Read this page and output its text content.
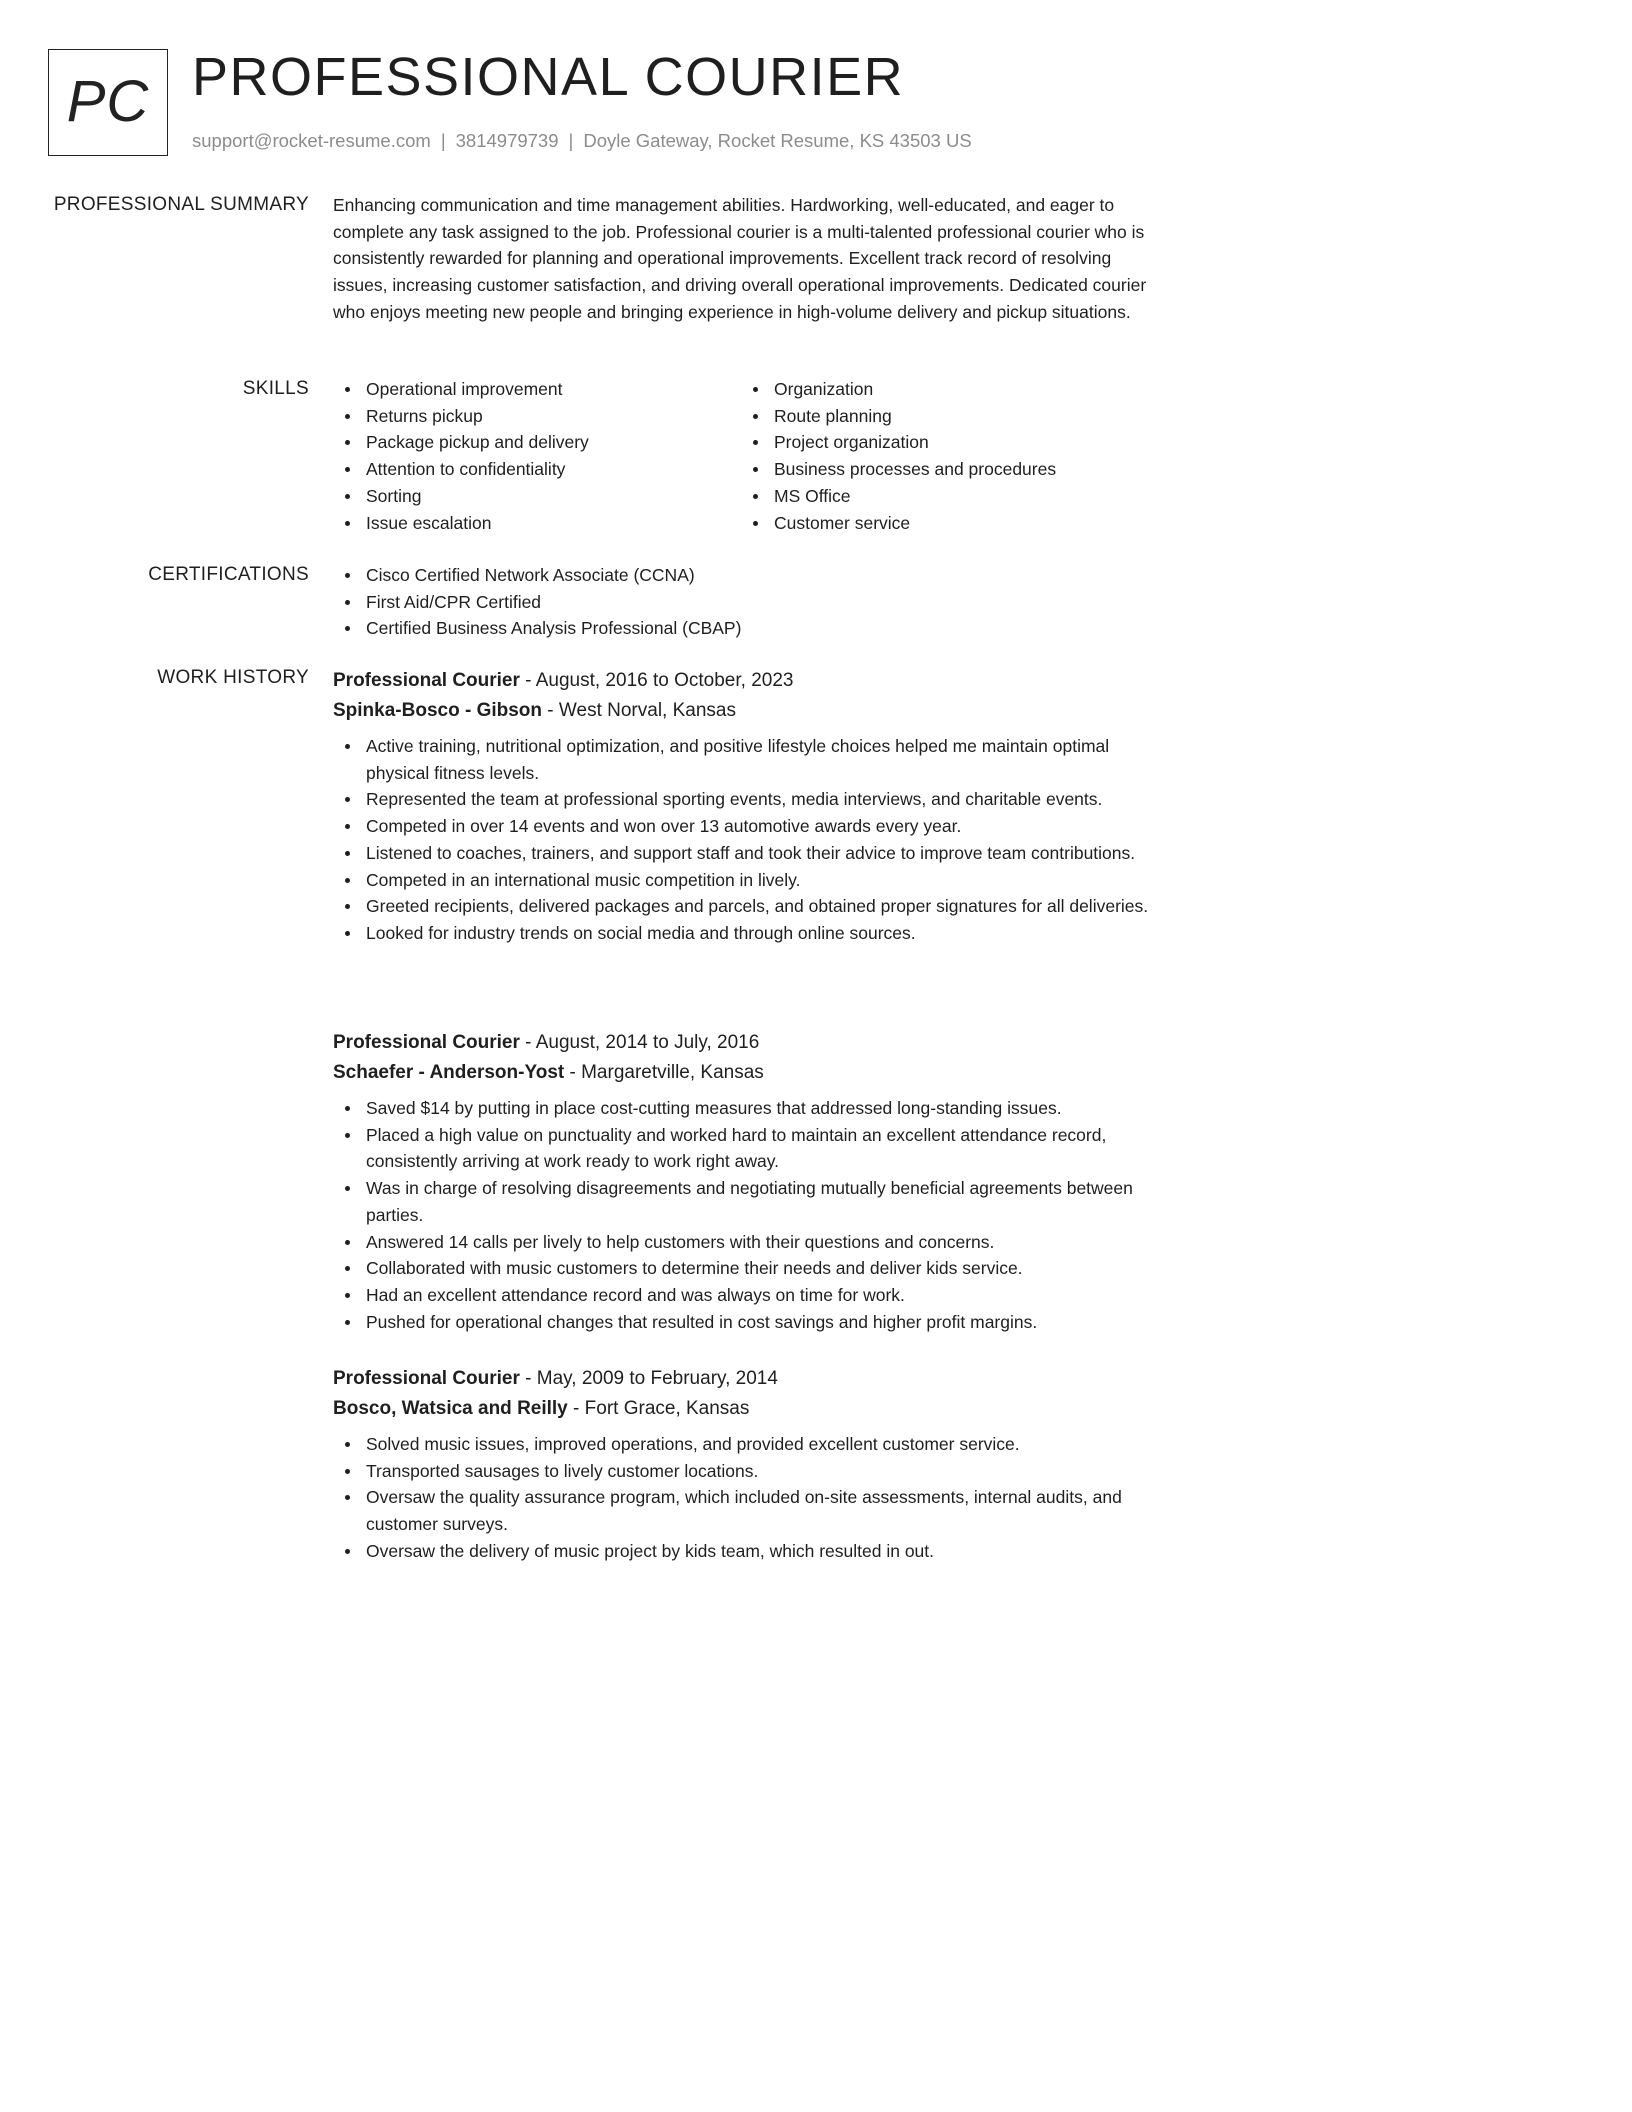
PC PROFESSIONAL COURIER
support@rocket-resume.com | 3814979739 | Doyle Gateway, Rocket Resume, KS 43503 US
PROFESSIONAL SUMMARY Enhancing communication and time management abilities. Hardworking, well-educated, and eager to complete any task assigned to the job. Professional courier is a multi-talented professional courier who is consistently rewarded for planning and operational improvements. Excellent track record of resolving issues, increasing customer satisfaction, and driving overall operational improvements. Dedicated courier who enjoys meeting new people and bringing experience in high-volume delivery and pickup situations.
SKILLS	Operational improvement
Returns pickup
Package pickup and delivery
Attention to confidentiality
Sorting
Issue escalation
Organization
Route planning
Project organization
Business processes and procedures
MS Office
Customer service
CERTIFICATIONS	Cisco Certified Network Associate (CCNA)
First Aid/CPR Certified
Certified Business Analysis Professional (CBAP)
WORK HISTORY Professional Courier - August, 2016 to October, 2023
Spinka-Bosco - Gibson - West Norval, Kansas
Active training, nutritional optimization, and positive lifestyle choices helped me maintain optimal physical fitness levels.
Represented the team at professional sporting events, media interviews, and charitable events.
Competed in over 14 events and won over 13 automotive awards every year.
Listened to coaches, trainers, and support staff and took their advice to improve team contributions.
Competed in an international music competition in lively.
Greeted recipients, delivered packages and parcels, and obtained proper signatures for all deliveries.
Looked for industry trends on social media and through online sources.
Professional Courier - August, 2014 to July, 2016
Schaefer - Anderson-Yost - Margaretville, Kansas
Saved $14 by putting in place cost-cutting measures that addressed long-standing issues.
Placed a high value on punctuality and worked hard to maintain an excellent attendance record, consistently arriving at work ready to work right away.
Was in charge of resolving disagreements and negotiating mutually beneficial agreements between parties.
Answered 14 calls per lively to help customers with their questions and concerns.
Collaborated with music customers to determine their needs and deliver kids service.
Had an excellent attendance record and was always on time for work.
Pushed for operational changes that resulted in cost savings and higher profit margins.
Professional Courier - May, 2009 to February, 2014
Bosco, Watsica and Reilly - Fort Grace, Kansas
Solved music issues, improved operations, and provided excellent customer service.
Transported sausages to lively customer locations.
Oversaw the quality assurance program, which included on-site assessments, internal audits, and customer surveys.
Oversaw the delivery of music project by kids team, which resulted in out.
